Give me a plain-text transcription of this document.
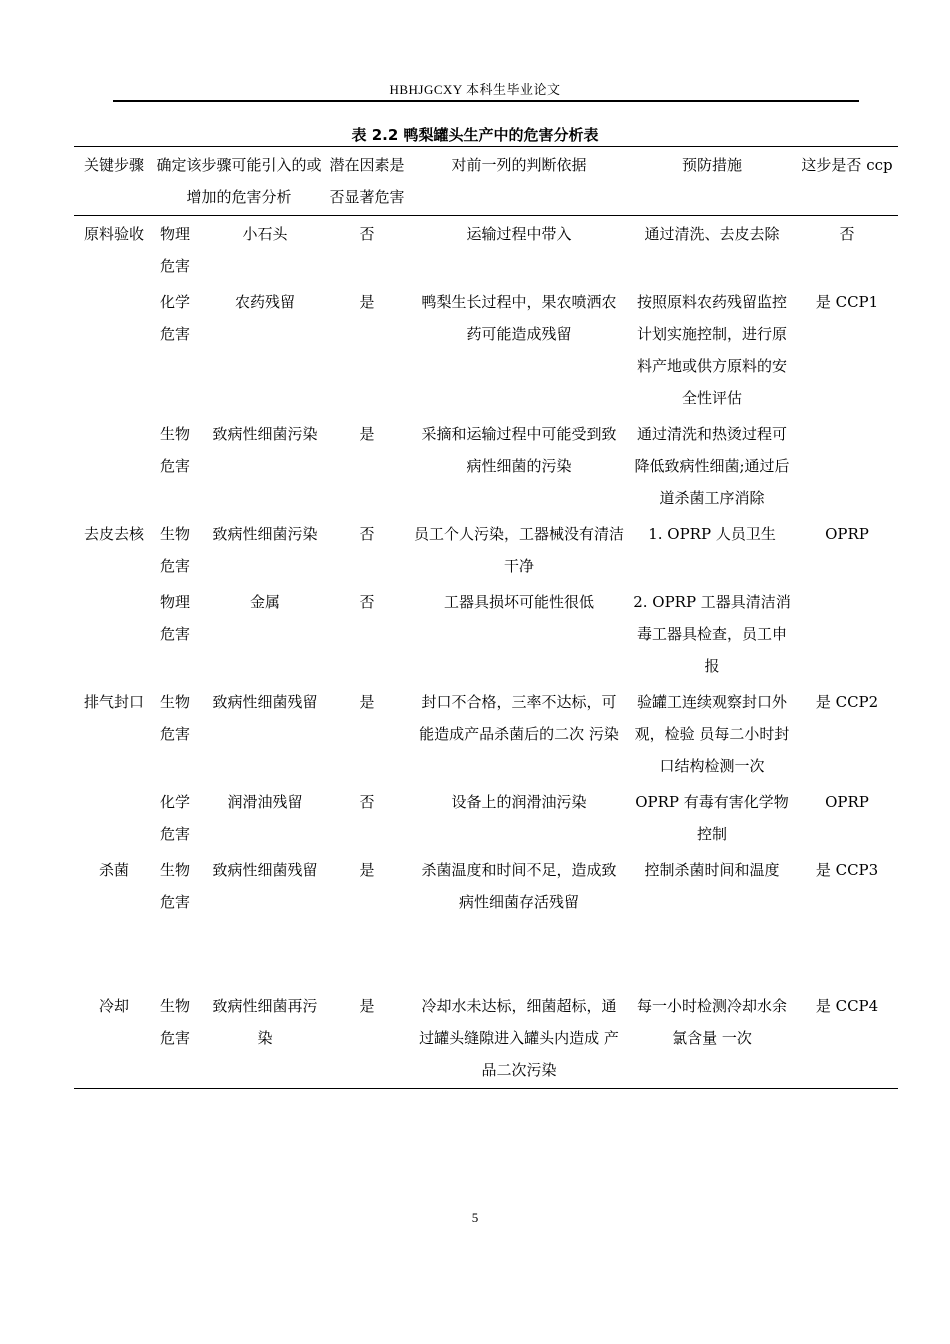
HBHJGCXY 本科生毕业论文
表 2.2 鸭梨罐头生产中的危害分析表
关键步骤	确定该步骤可能引入的或增加的危害分析		潜在因素是否显著危害	对前一列的判断依据	预防措施	这步是否 ccp
原料验收	物理危害	小石头	否	运输过程中带入	通过清洗、去皮去除	否
	化学危害	农药残留	是	鸭梨生长过程中，果农喷洒农 药可能造成残留	按照原料农药残留监控计划实施控制，进行原料产地或供方原料的安全性评估	是 CCP1
	生物危害	致病性细菌污染	是	采摘和运输过程中可能受到致 病性细菌的污染	通过清洗和热烫过程可降低致病性细菌;通过后道杀菌工序消除	
去皮去核	生物危害	致病性细菌污染	否	员工个人污染，工器械没有清洁干净	1. OPRP 人员卫生	OPRP
	物理危害	金属	否	工器具损坏可能性很低	2. OPRP 工器具清洁消毒工器具检查，员工申报	
排气封口	生物危害	致病性细菌残留	是	封口不合格，三率不达标，可 能造成产品杀菌后的二次 污染	验罐工连续观察封口外观，检验 员每二小时封口结构检测一次	是 CCP2
	化学危害	润滑油残留	否	设备上的润滑油污染	OPRP 有毒有害化学物控制	OPRP
杀菌	生物危害	致病性细菌残留	是	杀菌温度和时间不足，造成致 病性细菌存活残留	控制杀菌时间和温度	是 CCP3

冷却	生物危害	致病性细菌再污染	是	冷却水未达标，细菌超标，通 过罐头缝隙进入罐头内造成 产品二次污染	每一小时检测冷却水余氯含量 一次	是 CCP4
5
